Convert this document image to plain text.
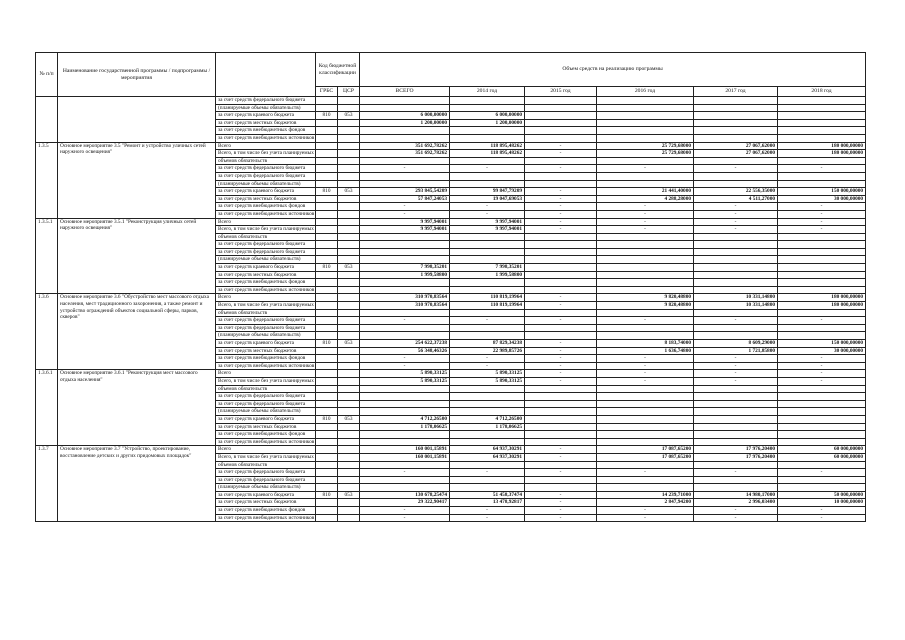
№ п/п	Наименование государственной программы / подпрограммы / мероприятия		Код бюджетной классификации		Объем средств на реализацию программы					
			ГРБС	ЦСР	ВСЕГО	2014 год	2015 год	2016 год	2017 год	2018 год
		за счет средств федерального бюджета								
		(планируемые объемы обязательств)								
		за счет средств краевого бюджета	810	053	6 000,00000	6 000,00000				
		за счет средств местных бюджетов			1 200,00000	1 200,00000				
		за счет средств внебюджетных фондов								
		за счет средств внебюджетных источников								
1.3.5	Основное мероприятие 3.5 "Ремонт и устройство уличных сетей наружного освещения"	Всего			351 692,78262	118 895,48262	-	25 729,68000	27 067,62000	180 000,00000
		Всего, в том числе без учета планируемых			351 692,78262	118 895,48262	-	25 729,68000	27 067,62000	180 000,00000
		объемов обязательств								
		за счет средств федерального бюджета			-	-	-	-	-	-
		за счет средств федерального бюджета								
		(планируемые объемы обязательств)								
		за счет средств краевого бюджета	810	053	293 845,54209	99 847,79209	-	21 441,40000	22 556,35000	150 000,00000
		за счет средств местных бюджетов			57 847,24053	19 047,69053	-	4 288,28000	4 511,27000	30 000,00000
		за счет средств внебюджетных фондов			-	-	-	-	-	-
		за счет средств внебюджетных источников			-	-	-	-	-	-
1.3.5.1	Основное мероприятие 3.5.1 "Реконструкция уличных сетей наружного освещения"	Всего			9 997,94001	9 997,94001	-	-	-	-
		Всего, в том числе без учета планируемых			9 997,94001	9 997,94001	-	-	-	-
		объемов обязательств								
		за счет средств федерального бюджета								
		за счет средств федерального бюджета								
		(планируемые объемы обязательств)								
		за счет средств краевого бюджета	810	053	7 998,35201	7 998,35201				
		за счет средств местных бюджетов			1 999,58800	1 999,58800				
		за счет средств внебюджетных фондов								
		за счет средств внебюджетных источников								
1.3.6	Основное мероприятие 3.6 "Обустройство мест массового отдыха населения, мест традиционного захоронения, а также ремонт и устройство ограждений объектов социальной сферы, парков, скверов"	Всего			310 970,83564	110 819,19964	-	9 820,48800	10 331,14800	180 000,00000
		Всего, в том числе без учета планируемых			310 970,83564	110 819,19964	-	9 820,48800	10 331,14800	180 000,00000
		объемов обязательств								
		за счет средств федерального бюджета			-	-	-	-	-	-
		за счет средств федерального бюджета								
		(планируемые объемы обязательств)								
		за счет средств краевого бюджета	810	053	254 622,37238	87 829,34238	-	8 183,74000	8 609,29000	150 000,00000
		за счет средств местных бюджетов			56 348,46326	22 989,85726	-	1 636,74800	1 721,85800	30 000,00000
		за счет средств внебюджетных фондов			-	-	-	-	-	-
		за счет средств внебюджетных источников			-	-	-	-	-	-
1.3.6.1	Основное мероприятие 3.6.1 "Реконструкция мест массового отдыха населения"	Всего			5 890,33125	5 890,33125	-	-	-	-
		Всего, в том числе без учета планируемых			5 890,33125	5 890,33125	-	-	-	-
		объемов обязательств								
		за счет средств федерального бюджета								
		за счет средств федерального бюджета								
		(планируемые объемы обязательств)								
		за счет средств краевого бюджета	810	053	4 712,26500	4 712,26500				
		за счет средств местных бюджетов			1 178,06625	1 178,06625				
		за счет средств внебюджетных фондов								
		за счет средств внебюджетных источников								
1.3.7	Основное мероприятие 3.7 "Устройство, проектирование, восстановление детских и других придомовых площадок"	Всего			160 001,15891	64 937,30291	-	17 087,65200	17 976,20400	60 000,00000
		Всего, в том числе без учета планируемых			160 001,15891	64 937,30291	-	17 087,65200	17 976,20400	60 000,00000
		объемов обязательств								
		за счет средств федерального бюджета			-	-	-	-	-	-
		за счет средств федерального бюджета								
		(планируемые объемы обязательств)								
		за счет средств краевого бюджета	810	053	130 678,25474	51 458,37474	-	14 239,71000	14 980,17000	50 000,00000
		за счет средств местных бюджетов			29 322,90417	13 478,92817	-	2 847,94200	2 996,03400	10 000,00000
		за счет средств внебюджетных фондов			-	-	-	-	-	-
		за счет средств внебюджетных источников			-	-	-	-	-	-
